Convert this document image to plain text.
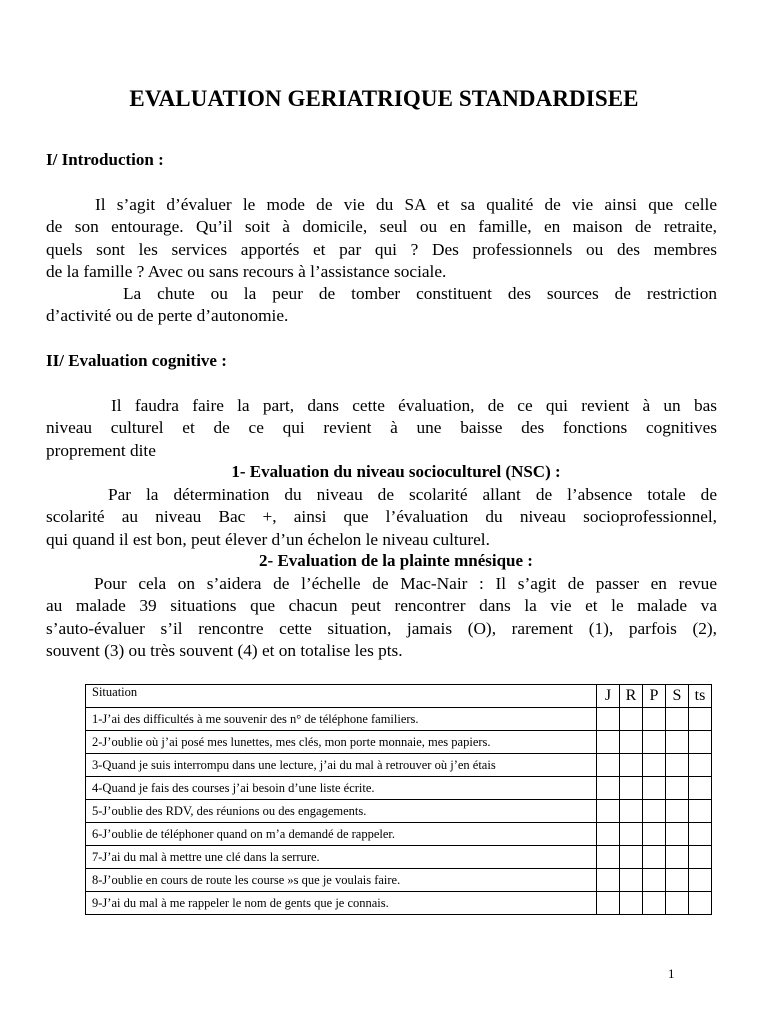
EVALUATION GERIATRIQUE STANDARDISEE
I/ Introduction :
Il s’agit d’évaluer le mode de vie du SA et sa qualité de vie ainsi que celle
de son entourage. Qu’il soit à domicile, seul ou en famille, en maison de retraite,
quels sont les services apportés et par qui ? Des professionnels ou des membres
de la famille ? Avec ou sans recours à l’assistance sociale.
La chute ou la peur de tomber constituent des sources de restriction
d’activité ou de perte d’autonomie.
II/ Evaluation cognitive :
Il faudra faire la part, dans cette évaluation, de ce qui revient à un bas
niveau culturel et de ce qui revient à une baisse des fonctions cognitives
proprement dite
1- Evaluation du niveau socioculturel (NSC) :
Par la détermination du niveau de scolarité allant de l’absence totale de
scolarité au niveau Bac +, ainsi que l’évaluation du niveau socioprofessionnel,
qui quand il est bon, peut élever d’un échelon le niveau culturel.
2- Evaluation de la plainte mnésique :
Pour cela on s’aidera de l’échelle de Mac-Nair : Il s’agit de passer en revue
au malade 39 situations que chacun peut rencontrer dans la vie et le malade va
s’auto-évaluer s’il rencontre cette situation, jamais (O), rarement (1), parfois (2),
souvent (3) ou très souvent (4) et on totalise les pts.
Situation	J	R	P	S	ts
1-J’ai des difficultés à me souvenir des n° de téléphone familiers.					
2-J’oublie où j’ai posé mes lunettes, mes clés, mon porte monnaie, mes papiers.					
3-Quand je suis interrompu dans une lecture, j’ai du mal à retrouver où j’en étais					
4-Quand je fais des courses j’ai besoin d’une liste écrite.					
5-J’oublie des RDV, des réunions ou des engagements.					
6-J’oublie de téléphoner quand on m’a demandé de rappeler.					
7-J’ai du mal à mettre une clé dans la serrure.					
8-J’oublie en cours de route les course »s que je voulais faire.					
9-J’ai du mal à me rappeler le nom de gents que je connais.					
1
